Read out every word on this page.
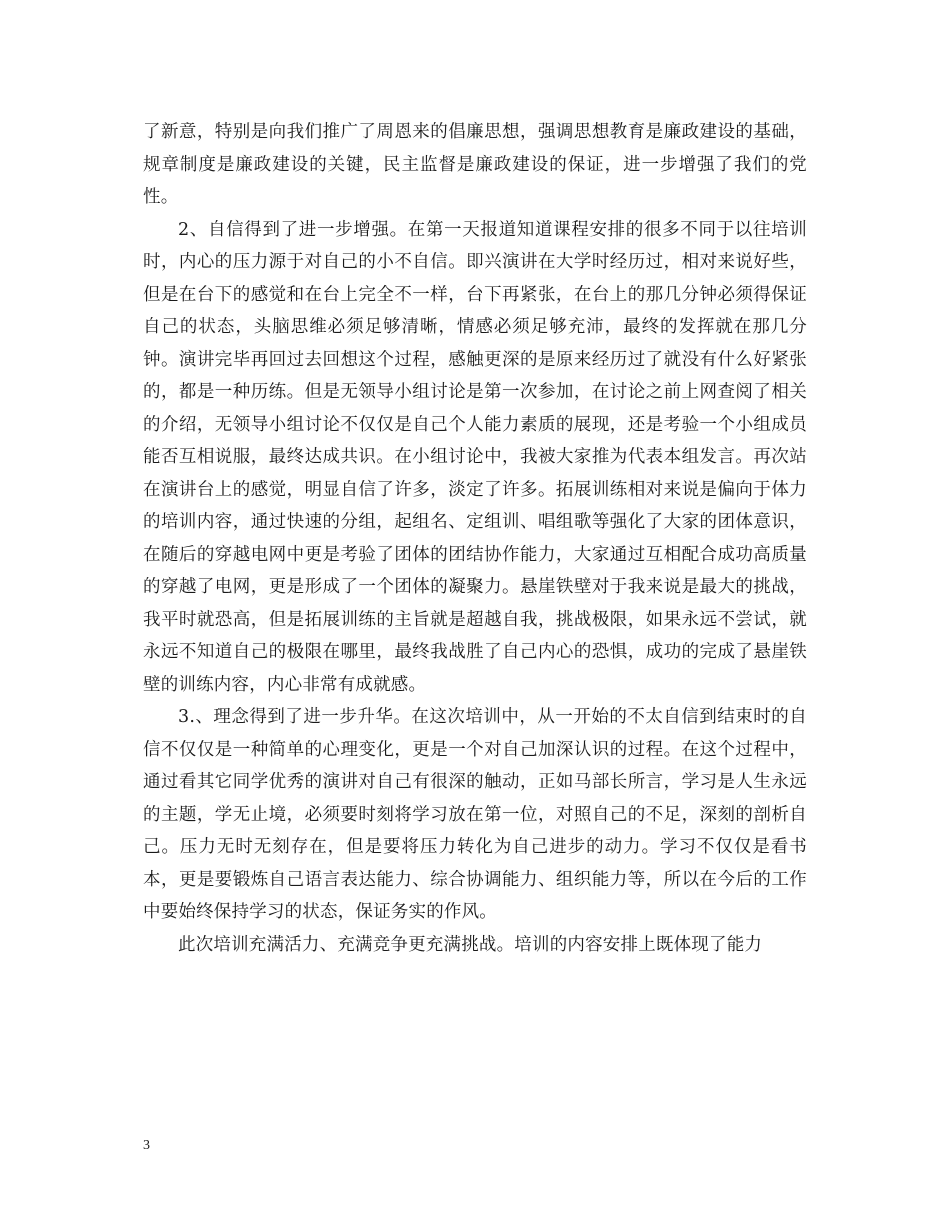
了新意，特别是向我们推广了周恩来的倡廉思想，强调思想教育是廉政建设的基础，规章制度是廉政建设的关键，民主监督是廉政建设的保证，进一步增强了我们的党性。

2、自信得到了进一步增强。在第一天报道知道课程安排的很多不同于以往培训时，内心的压力源于对自己的小不自信。即兴演讲在大学时经历过，相对来说好些，但是在台下的感觉和在台上完全不一样，台下再紧张，在台上的那几分钟必须得保证自己的状态，头脑思维必须足够清晰，情感必须足够充沛，最终的发挥就在那几分钟。演讲完毕再回过去回想这个过程，感触更深的是原来经历过了就没有什么好紧张的，都是一种历练。但是无领导小组讨论是第一次参加，在讨论之前上网查阅了相关的介绍，无领导小组讨论不仅仅是自己个人能力素质的展现，还是考验一个小组成员能否互相说服，最终达成共识。在小组讨论中，我被大家推为代表本组发言。再次站在演讲台上的感觉，明显自信了许多，淡定了许多。拓展训练相对来说是偏向于体力的培训内容，通过快速的分组，起组名、定组训、唱组歌等强化了大家的团体意识，在随后的穿越电网中更是考验了团体的团结协作能力，大家通过互相配合成功高质量的穿越了电网，更是形成了一个团体的凝聚力。悬崖铁壁对于我来说是最大的挑战，我平时就恐高，但是拓展训练的主旨就是超越自我，挑战极限，如果永远不尝试，就永远不知道自己的极限在哪里，最终我战胜了自己内心的恐惧，成功的完成了悬崖铁壁的训练内容，内心非常有成就感。

3.、理念得到了进一步升华。在这次培训中，从一开始的不太自信到结束时的自信不仅仅是一种简单的心理变化，更是一个对自己加深认识的过程。在这个过程中，通过看其它同学优秀的演讲对自己有很深的触动，正如马部长所言，学习是人生永远的主题，学无止境，必须要时刻将学习放在第一位，对照自己的不足，深刻的剖析自己。压力无时无刻存在，但是要将压力转化为自己进步的动力。学习不仅仅是看书本，更是要锻炼自己语言表达能力、综合协调能力、组织能力等，所以在今后的工作中要始终保持学习的状态，保证务实的作风。

此次培训充满活力、充满竞争更充满挑战。培训的内容安排上既体现了能力

3
